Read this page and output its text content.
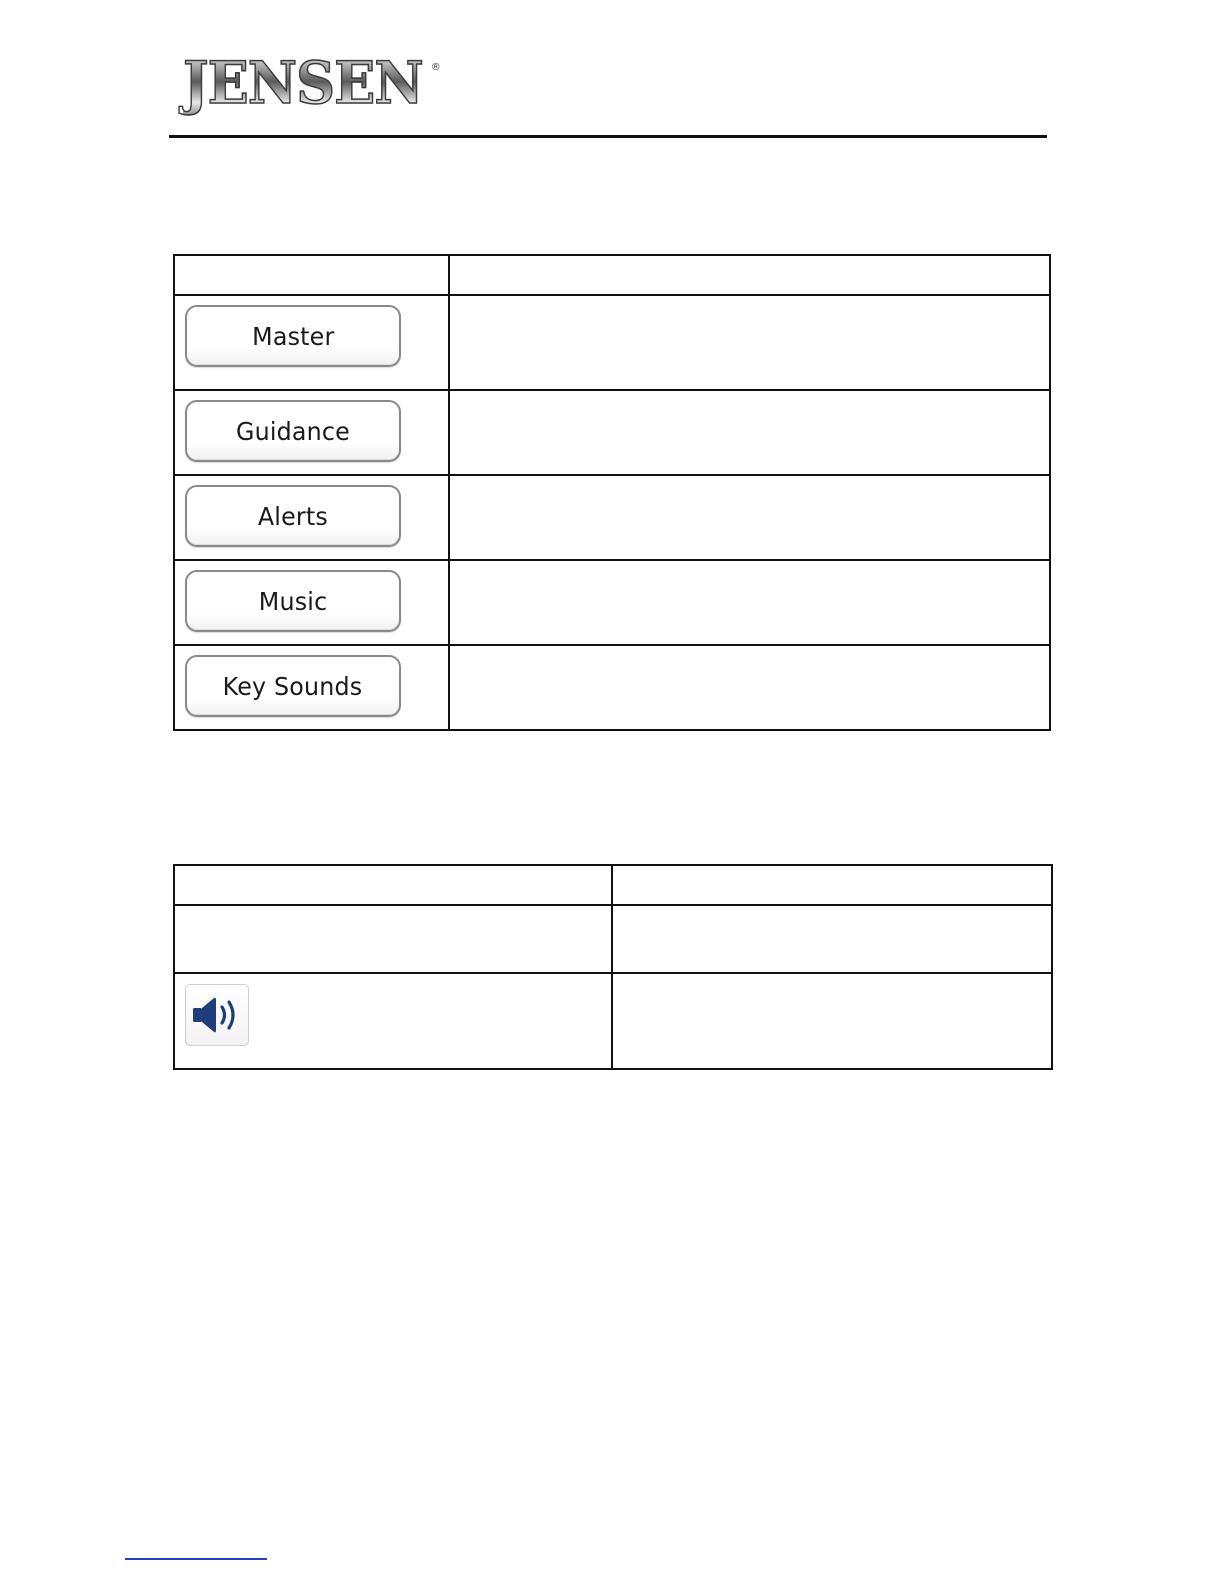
JENSEN ®

Master	

Guidance	

Alerts	

Music	

Key Sounds	
